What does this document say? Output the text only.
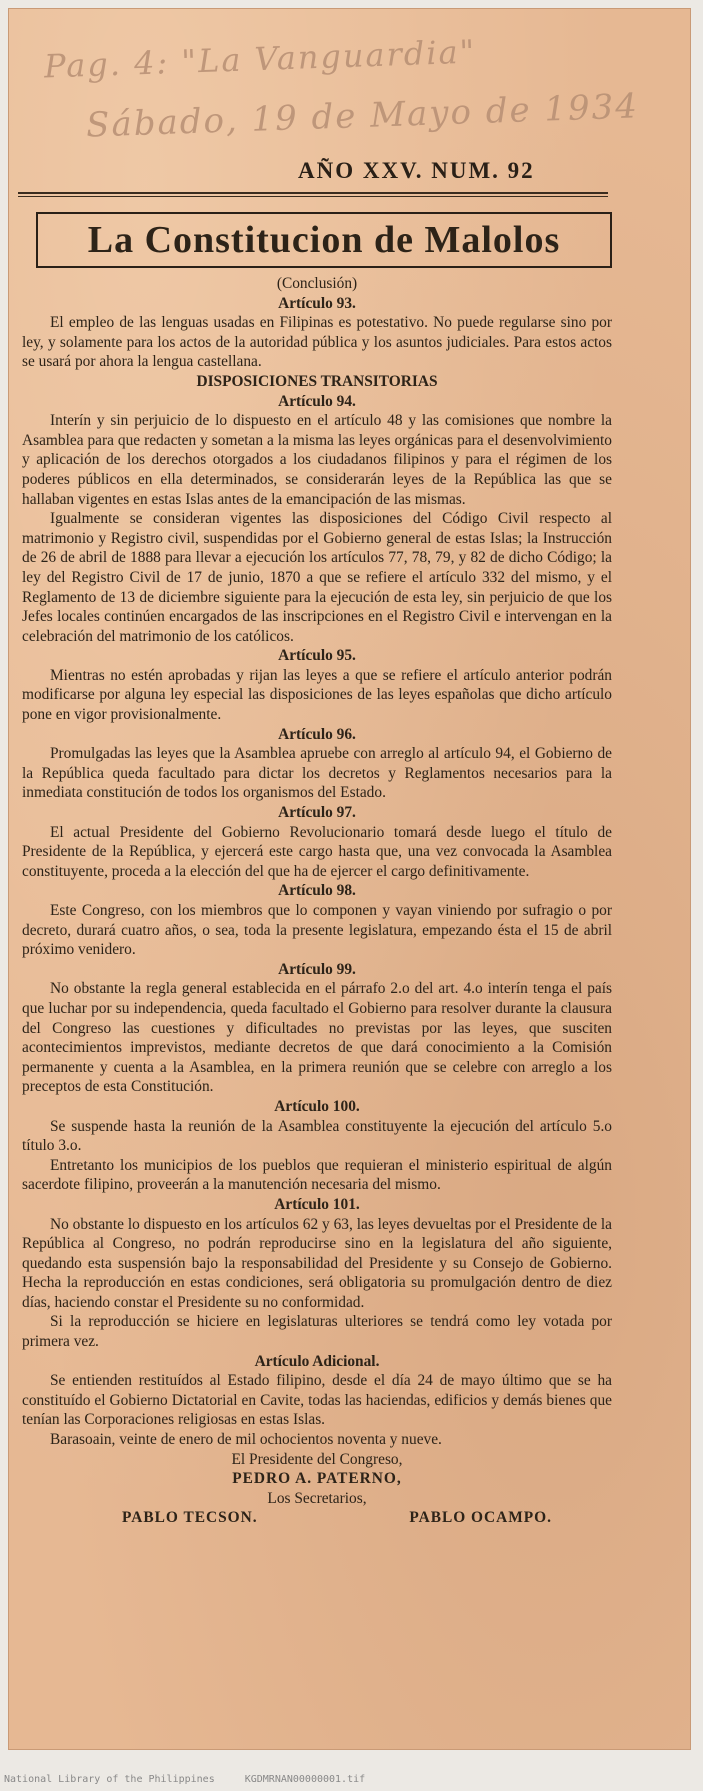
Pag. 4: "La Vanguardia"
Sábado, 19 de Mayo de 1934
AÑO XXV. NUM. 92
La Constitucion de Malolos

(Conclusión)

Artículo 93.

El empleo de las lenguas usadas en Filipinas es potestativo. No puede regularse sino por ley, y solamente para los actos de la autoridad pública y los asuntos judiciales. Para estos actos se usará por ahora la lengua castellana.

DISPOSICIONES TRANSITORIAS
Artículo 94.

Interín y sin perjuicio de lo dispuesto en el artículo 48 y las comisiones que nombre la Asamblea para que redacten y sometan a la misma las leyes orgánicas para el desenvolvimiento y aplicación de los derechos otorgados a los ciudadanos filipinos y para el régimen de los poderes públicos en ella determinados, se considerarán leyes de la República las que se hallaban vigentes en estas Islas antes de la emancipación de las mismas.

Igualmente se consideran vigentes las disposiciones del Código Civil respecto al matrimonio y Registro civil, suspendidas por el Gobierno general de estas Islas; la Instrucción de 26 de abril de 1888 para llevar a ejecución los artículos 77, 78, 79, y 82 de dicho Código; la ley del Registro Civil de 17 de junio, 1870 a que se refiere el artículo 332 del mismo, y el Reglamento de 13 de diciembre siguiente para la ejecución de esta ley, sin perjuicio de que los Jefes locales continúen encargados de las inscripciones en el Registro Civil e intervengan en la celebración del matrimonio de los católicos.

Artículo 95.

Mientras no estén aprobadas y rijan las leyes a que se refiere el artículo anterior podrán modificarse por alguna ley especial las disposiciones de las leyes españolas que dicho artículo pone en vigor provisionalmente.

Artículo 96.

Promulgadas las leyes que la Asamblea apruebe con arreglo al artículo 94, el Gobierno de la República queda facultado para dictar los decretos y Reglamentos necesarios para la inmediata constitución de todos los organismos del Estado.

Artículo 97.

El actual Presidente del Gobierno Revolucionario tomará desde luego el título de Presidente de la República, y ejercerá este cargo hasta que, una vez convocada la Asamblea constituyente, proceda a la elección del que ha de ejercer el cargo definitivamente.

Artículo 98.

Este Congreso, con los miembros que lo componen y vayan viniendo por sufragio o por decreto, durará cuatro años, o sea, toda la presente legislatura, empezando ésta el 15 de abril próximo venidero.

Artículo 99.

No obstante la regla general establecida en el párrafo 2.o del art. 4.o interín tenga el país que luchar por su independencia, queda facultado el Gobierno para resolver durante la clausura del Congreso las cuestiones y dificultades no previstas por las leyes, que susciten acontecimientos imprevistos, mediante decretos de que dará conocimiento a la Comisión permanente y cuenta a la Asamblea, en la primera reunión que se celebre con arreglo a los preceptos de esta Constitución.

Artículo 100.

Se suspende hasta la reunión de la Asamblea constituyente la ejecución del artículo 5.o título 3.o.

Entretanto los municipios de los pueblos que requieran el ministerio espiritual de algún sacerdote filipino, proveerán a la manutención necesaria del mismo.

Artículo 101.

No obstante lo dispuesto en los artículos 62 y 63, las leyes devueltas por el Presidente de la República al Congreso, no podrán reproducirse sino en la legislatura del año siguiente, quedando esta suspensión bajo la responsabilidad del Presidente y su Consejo de Gobierno. Hecha la reproducción en estas condiciones, será obligatoria su promulgación dentro de diez días, haciendo constar el Presidente su no conformidad.

Si la reproducción se hiciere en legislaturas ulteriores se tendrá como ley votada por primera vez.

Artículo Adicional.

Se entienden restituídos al Estado filipino, desde el día 24 de mayo último que se ha constituído el Gobierno Dictatorial en Cavite, todas las haciendas, edificios y demás bienes que tenían las Corporaciones religiosas en estas Islas.

Barasoain, veinte de enero de mil ochocientos noventa y nueve.

El Presidente del Congreso,

PEDRO A. PATERNO,

Los Secretarios,

PABLO TECSON.	PABLO OCAMPO.
National Library of the Philippines	KGDMRNAN00000001.tif
